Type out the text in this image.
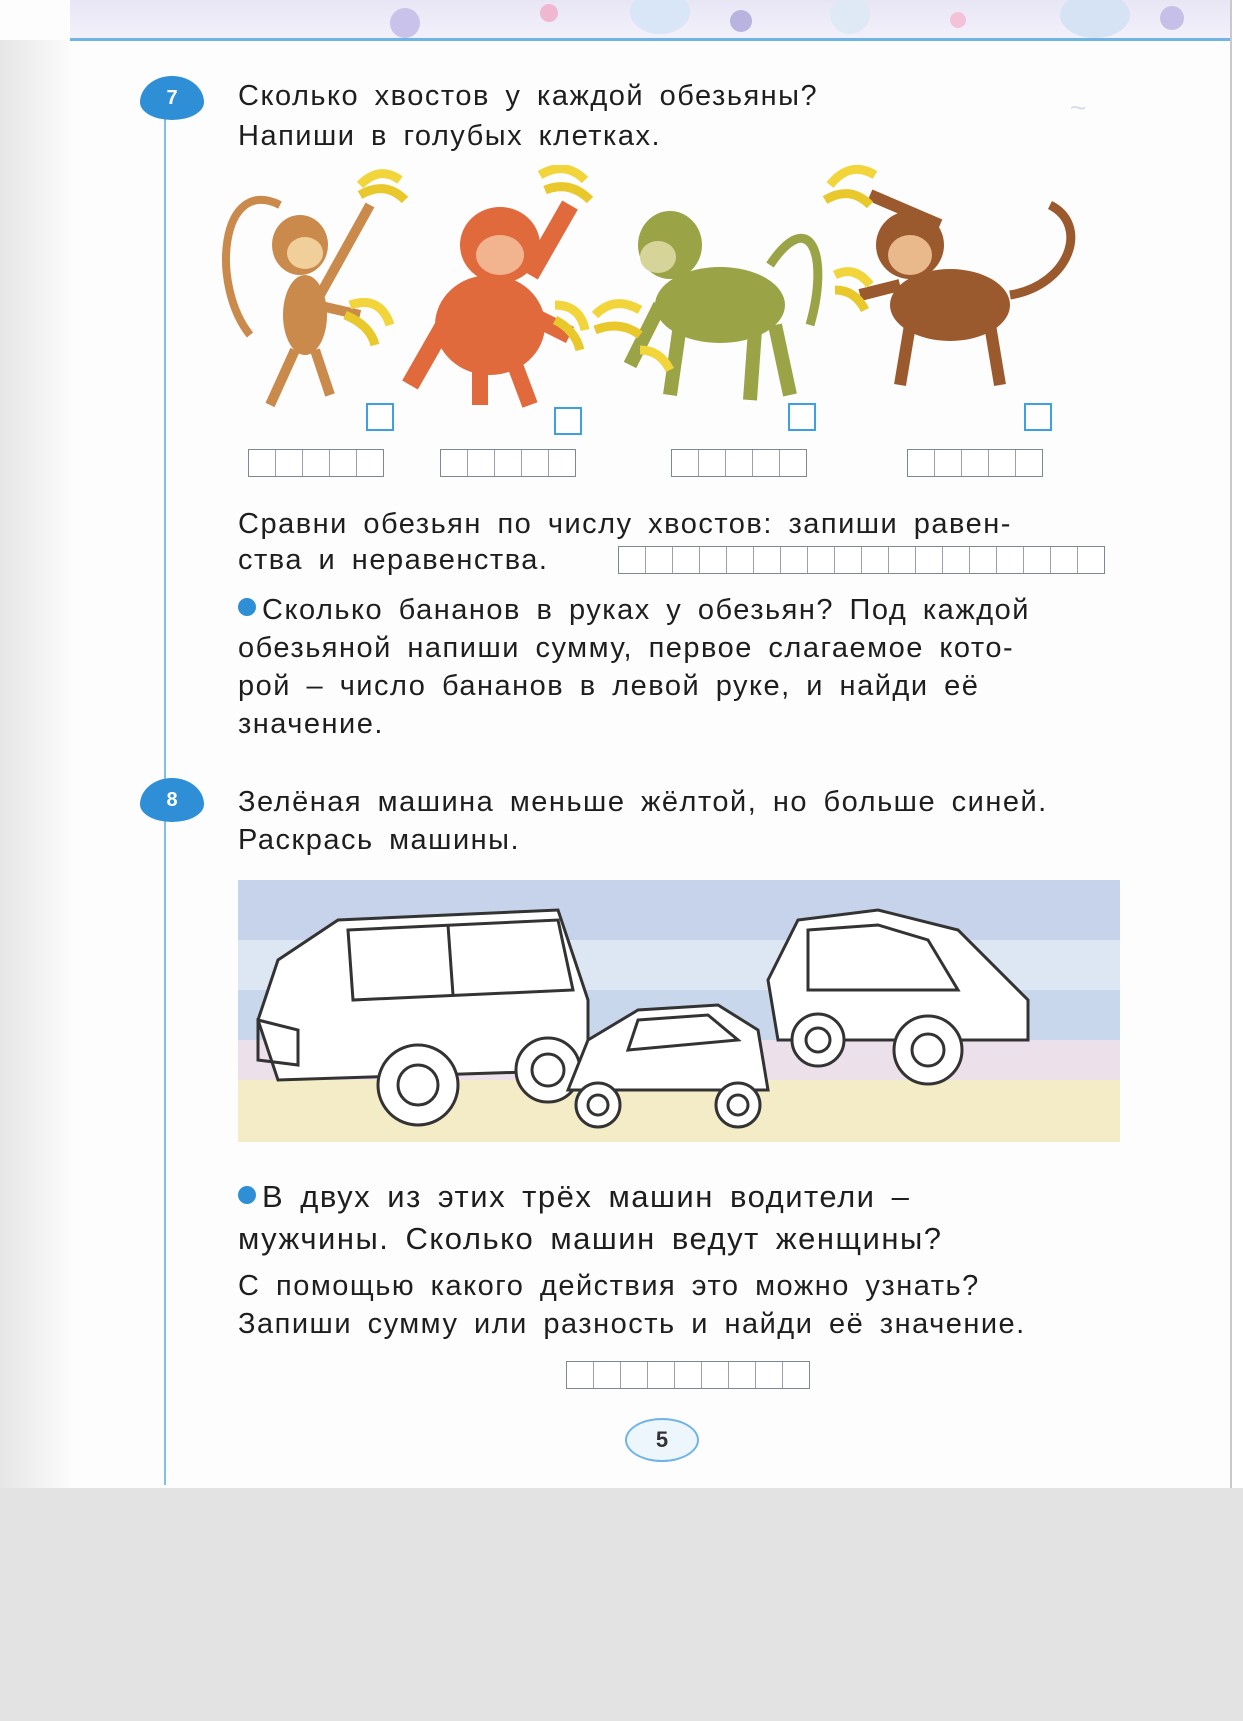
~
7	Сколько хвостов у каждой обезьяны?
Напиши в голубых клетках.
Сравни обезьян по числу хвостов: запиши равен-
ства и неравенства.
Сколько бананов в руках у обезьян? Под каждой
обезьяной напиши сумму, первое слагаемое кото-
рой – число бананов в левой руке, и найди её
значение.
8	Зелёная машина меньше жёлтой, но больше синей.
Раскрась машины.
В двух из этих трёх машин водители –
мужчины. Сколько машин ведут женщины?
С помощью какого действия это можно узнать?
Запиши сумму или разность и найди её значение.
5
